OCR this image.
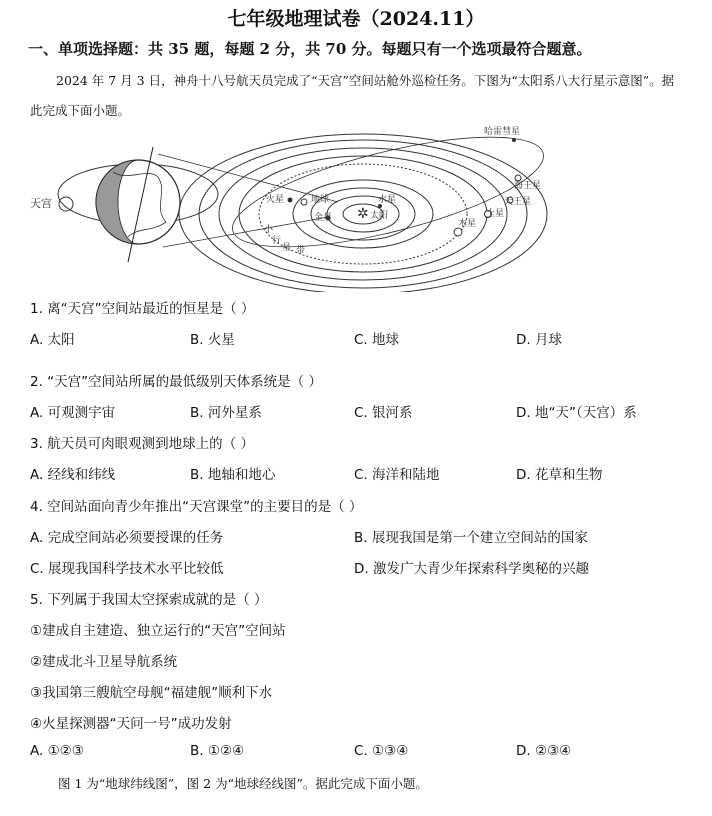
七年级地理试卷（2024.11）
一、单项选择题：共 35 题，每题 2 分，共 70 分。每题只有一个选项最符合题意。
2024 年 7 月 3 日，神舟十八号航天员完成了“天宫”空间站舱外巡检任务。下图为“太阳系八大行星示意图”。据此完成下面小题。
天宫
✲ 太阳
水星
金星
地球
火星
木星
土星
天王星
海王星
哈雷彗星
小
行
星 带
1. 离“天宫”空间站最近的恒星是（ ）
A. 太阳	B. 火星	C. 地球	D. 月球
2. “天宫”空间站所属的最低级别天体系统是（ ）
A. 可观测宇宙	B. 河外星系	C. 银河系	D. 地“天”（天宫）系
3. 航天员可肉眼观测到地球上的（ ）
A. 经线和纬线	B. 地轴和地心	C. 海洋和陆地	D. 花草和生物
4. 空间站面向青少年推出“天宫课堂”的主要目的是（ ）
A. 完成空间站必须要授课的任务	B. 展现我国是第一个建立空间站的国家
C. 展现我国科学技术水平比较低	D. 激发广大青少年探索科学奥秘的兴趣
5. 下列属于我国太空探索成就的是（ ）
①建成自主建造、独立运行的“天宫”空间站
②建成北斗卫星导航系统
③我国第三艘航空母舰“福建舰”顺利下水
④火星探测器“天问一号”成功发射
A. ①②③	B. ①②④	C. ①③④	D. ②③④
图 1 为“地球纬线图”，图 2 为“地球经线图”。据此完成下面小题。
